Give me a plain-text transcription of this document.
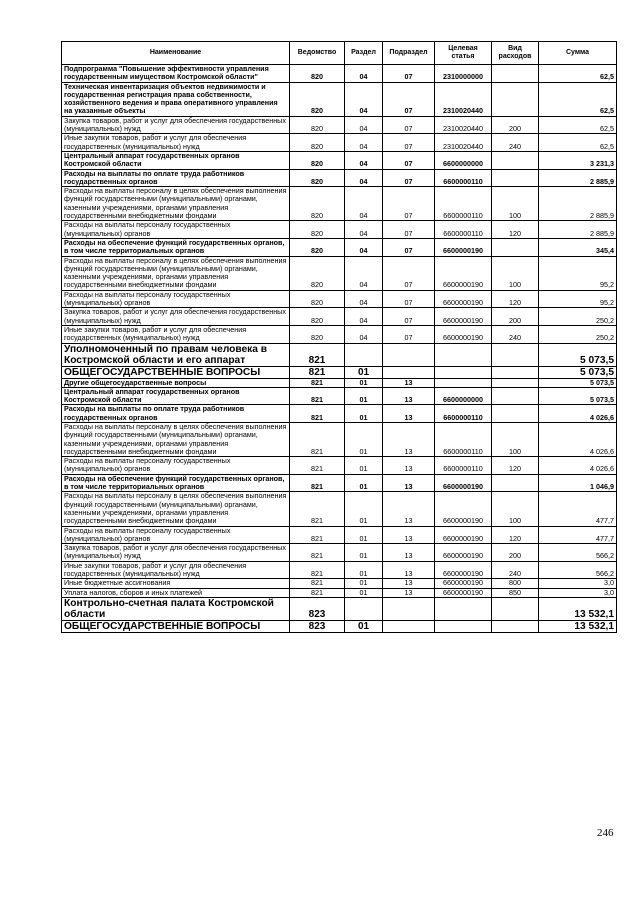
Наименование	Ведомство	Раздел	Подраздел	Целевая статья	Вид расходов	Сумма
Подпрограмма "Повышение эффективности управления государственным имуществом Костромской области"	820	04	07	2310000000		62,5
Техническая инвентаризация объектов недвижимости и государственная регистрация права собственности, хозяйственного ведения и права оперативного управления на указанные объекты	820	04	07	2310020440		62,5
Закупка товаров, работ и услуг для обеспечения государственных (муниципальных) нужд	820	04	07	2310020440	200	62,5
Иные закупки товаров, работ и услуг для обеспечения государственных (муниципальных) нужд	820	04	07	2310020440	240	62,5
Центральный аппарат государственных органов Костромской области	820	04	07	6600000000		3 231,3
Расходы на выплаты по оплате труда работников государственных органов	820	04	07	6600000110		2 885,9
Расходы на выплаты персоналу в целях обеспечения выполнения функций государственными (муниципальными) органами, казенными учреждениями, органами управления государственными внебюджетными фондами	820	04	07	6600000110	100	2 885,9
Расходы на выплаты персоналу государственных (муниципальных) органов	820	04	07	6600000110	120	2 885,9
Расходы на обеспечение функций государственных органов, в том числе территориальных органов	820	04	07	6600000190		345,4
Расходы на выплаты персоналу в целях обеспечения выполнения функций государственными (муниципальными) органами, казенными учреждениями, органами управления государственными внебюджетными фондами	820	04	07	6600000190	100	95,2
Расходы на выплаты персоналу государственных (муниципальных) органов	820	04	07	6600000190	120	95,2
Закупка товаров, работ и услуг для обеспечения государственных (муниципальных) нужд	820	04	07	6600000190	200	250,2
Иные закупки товаров, работ и услуг для обеспечения государственных (муниципальных) нужд	820	04	07	6600000190	240	250,2
Уполномоченный по правам человека в Костромской области и его аппарат	821					5 073,5
ОБЩЕГОСУДАРСТВЕННЫЕ ВОПРОСЫ	821	01				5 073,5
Другие общегосударственные вопросы	821	01	13			5 073,5
Центральный аппарат государственных органов Костромской области	821	01	13	6600000000		5 073,5
Расходы на выплаты по оплате труда работников государственных органов	821	01	13	6600000110		4 026,6
Расходы на выплаты персоналу в целях обеспечения выполнения функций государственными (муниципальными) органами, казенными учреждениями, органами управления государственными внебюджетными фондами	821	01	13	6600000110	100	4 026,6
Расходы на выплаты персоналу государственных (муниципальных) органов	821	01	13	6600000110	120	4 026,6
Расходы на обеспечение функций государственных органов, в том числе территориальных органов	821	01	13	6600000190		1 046,9
Расходы на выплаты персоналу в целях обеспечения выполнения функций государственными (муниципальными) органами, казенными учреждениями, органами управления государственными внебюджетными фондами	821	01	13	6600000190	100	477,7
Расходы на выплаты персоналу государственных (муниципальных) органов	821	01	13	6600000190	120	477,7
Закупка товаров, работ и услуг для обеспечения государственных (муниципальных) нужд	821	01	13	6600000190	200	566,2
Иные закупки товаров, работ и услуг для обеспечения государственных (муниципальных) нужд	821	01	13	6600000190	240	566,2
Иные бюджетные ассигнования	821	01	13	6600000190	800	3,0
Уплата налогов, сборов и иных платежей	821	01	13	6600000190	850	3,0
Контрольно-счетная палата Костромской области	823					13 532,1
ОБЩЕГОСУДАРСТВЕННЫЕ ВОПРОСЫ	823	01				13 532,1
246
